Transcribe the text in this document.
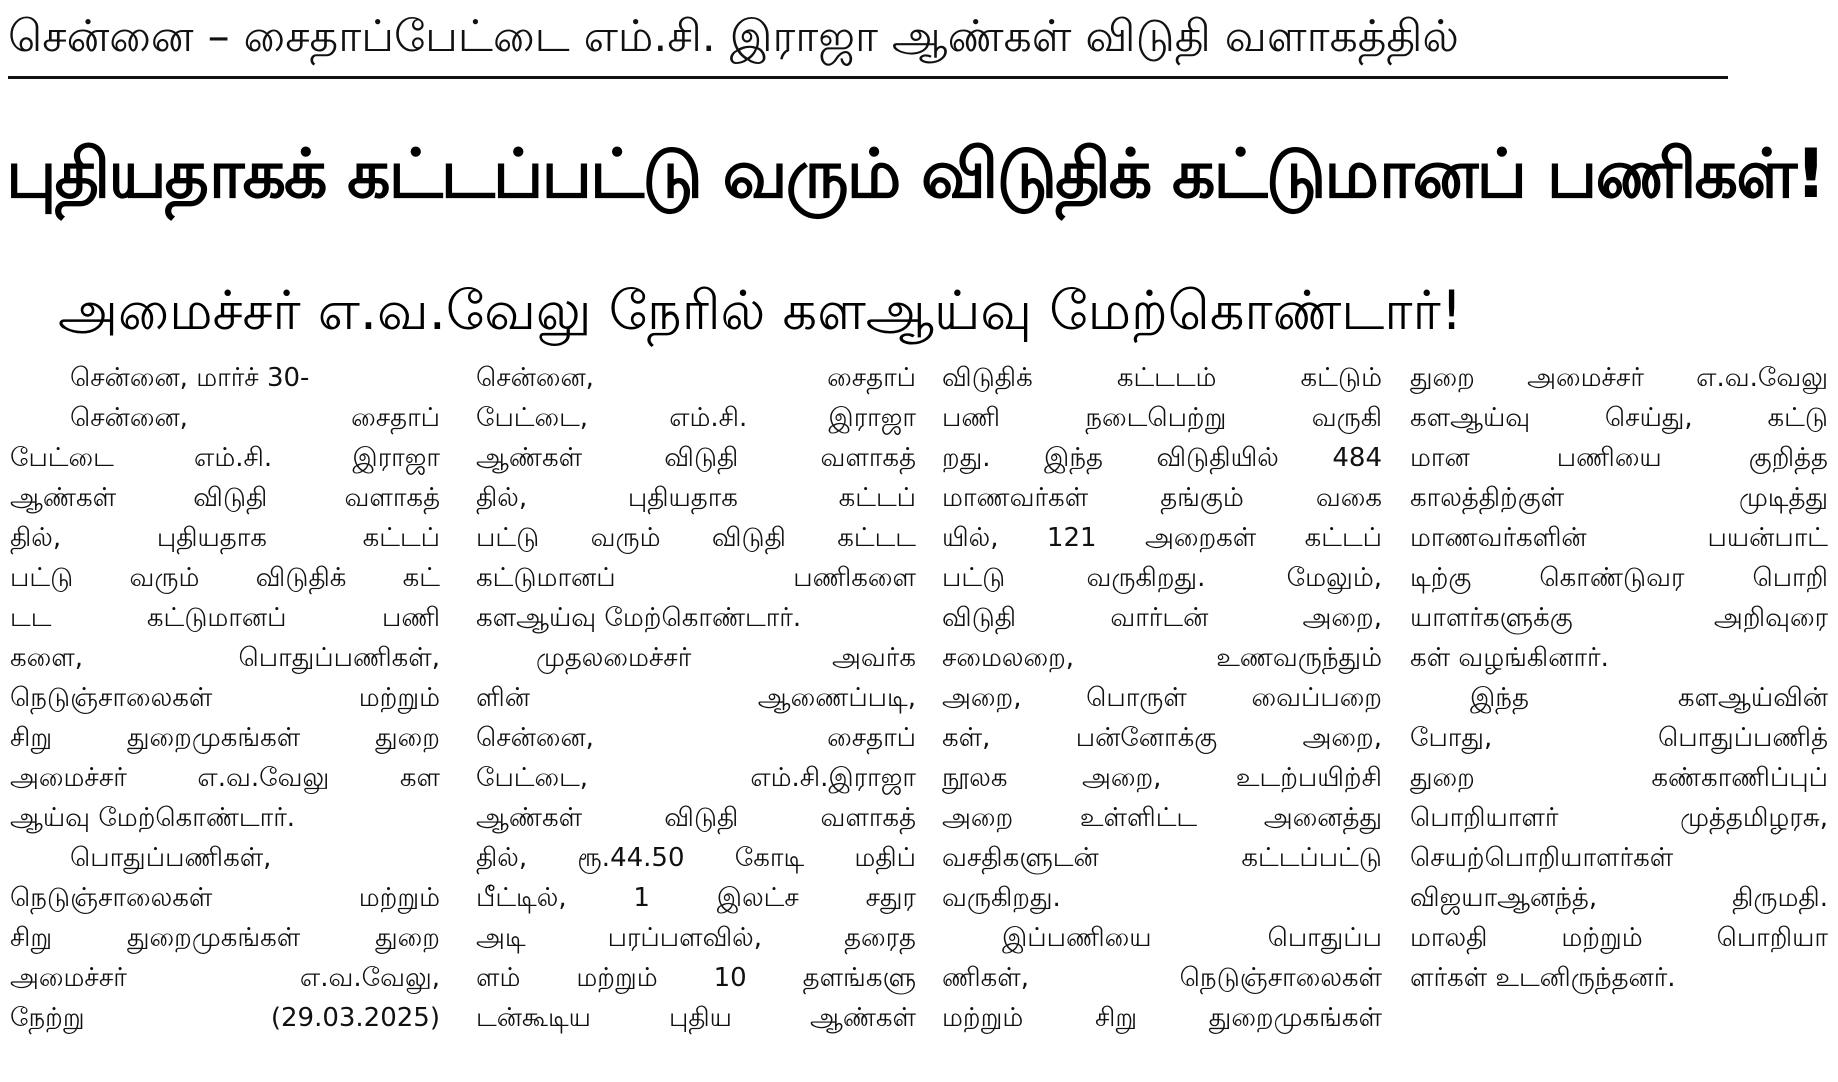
சென்னை – சைதாப்பேட்டை எம்.சி. இராஜா ஆண்கள் விடுதி வளாகத்தில்
புதியதாகக் கட்டப்பட்டு வரும் விடுதிக் கட்டுமானப் பணிகள்!
அமைச்சர் எ.வ.வேலு நேரில் களஆய்வு மேற்கொண்டார்!
சென்னை, மார்ச் 30-
சென்னை, சைதாப்
பேட்டை எம்.சி. இராஜா
ஆண்கள் விடுதி வளாகத்
தில், புதியதாக கட்டப்
பட்டு வரும் விடுதிக் கட்
டட கட்டுமானப் பணி
களை, பொதுப்பணிகள்,
நெடுஞ்சாலைகள் மற்றும்
சிறு துறைமுகங்கள் துறை
அமைச்சர் எ.வ.வேலு கள
ஆய்வு மேற்கொண்டார்.
பொதுப்பணிகள்,
நெடுஞ்சாலைகள் மற்றும்
சிறு துறைமுகங்கள் துறை
அமைச்சர் எ.வ.வேலு,
நேற்று (29.03.2025)
சென்னை, சைதாப்
பேட்டை, எம்.சி. இராஜா
ஆண்கள் விடுதி வளாகத்
தில், புதியதாக கட்டப்
பட்டு வரும் விடுதி கட்டட
கட்டுமானப் பணிகளை
களஆய்வு மேற்கொண்டார்.
முதலமைச்சர் அவர்க
ளின் ஆணைப்படி,
சென்னை, சைதாப்
பேட்டை, எம்.சி.இராஜா
ஆண்கள் விடுதி வளாகத்
தில், ரூ.44.50 கோடி மதிப்
பீட்டில், 1 இலட்ச சதுர
அடி பரப்பளவில், தரைத
ளம் மற்றும் 10 தளங்களு
டன்கூடிய புதிய ஆண்கள்
விடுதிக் கட்டடம் கட்டும்
பணி நடைபெற்று வருகி
றது. இந்த விடுதியில் 484
மாணவர்கள் தங்கும் வகை
யில், 121 அறைகள் கட்டப்
பட்டு வருகிறது. மேலும்,
விடுதி வார்டன் அறை,
சமைலறை, உணவருந்தும்
அறை, பொருள் வைப்பறை
கள், பன்னோக்கு அறை,
நூலக அறை, உடற்பயிற்சி
அறை உள்ளிட்ட அனைத்து
வசதிகளுடன் கட்டப்பட்டு
வருகிறது.
இப்பணியை பொதுப்ப
ணிகள், நெடுஞ்சாலைகள்
மற்றும் சிறு துறைமுகங்கள்
துறை அமைச்சர் எ.வ.வேலு
களஆய்வு செய்து, கட்டு
மான பணியை குறித்த
காலத்திற்குள் முடித்து
மாணவர்களின் பயன்பாட்
டிற்கு கொண்டுவர பொறி
யாளர்களுக்கு அறிவுரை
கள் வழங்கினார்.
இந்த களஆய்வின்
போது, பொதுப்பணித்
துறை கண்காணிப்புப்
பொறியாளர் முத்தமிழரசு,
செயற்பொறியாளர்கள்
விஜயாஆனந்த், திருமதி.
மாலதி மற்றும் பொறியா
ளர்கள் உடனிருந்தனர்.
